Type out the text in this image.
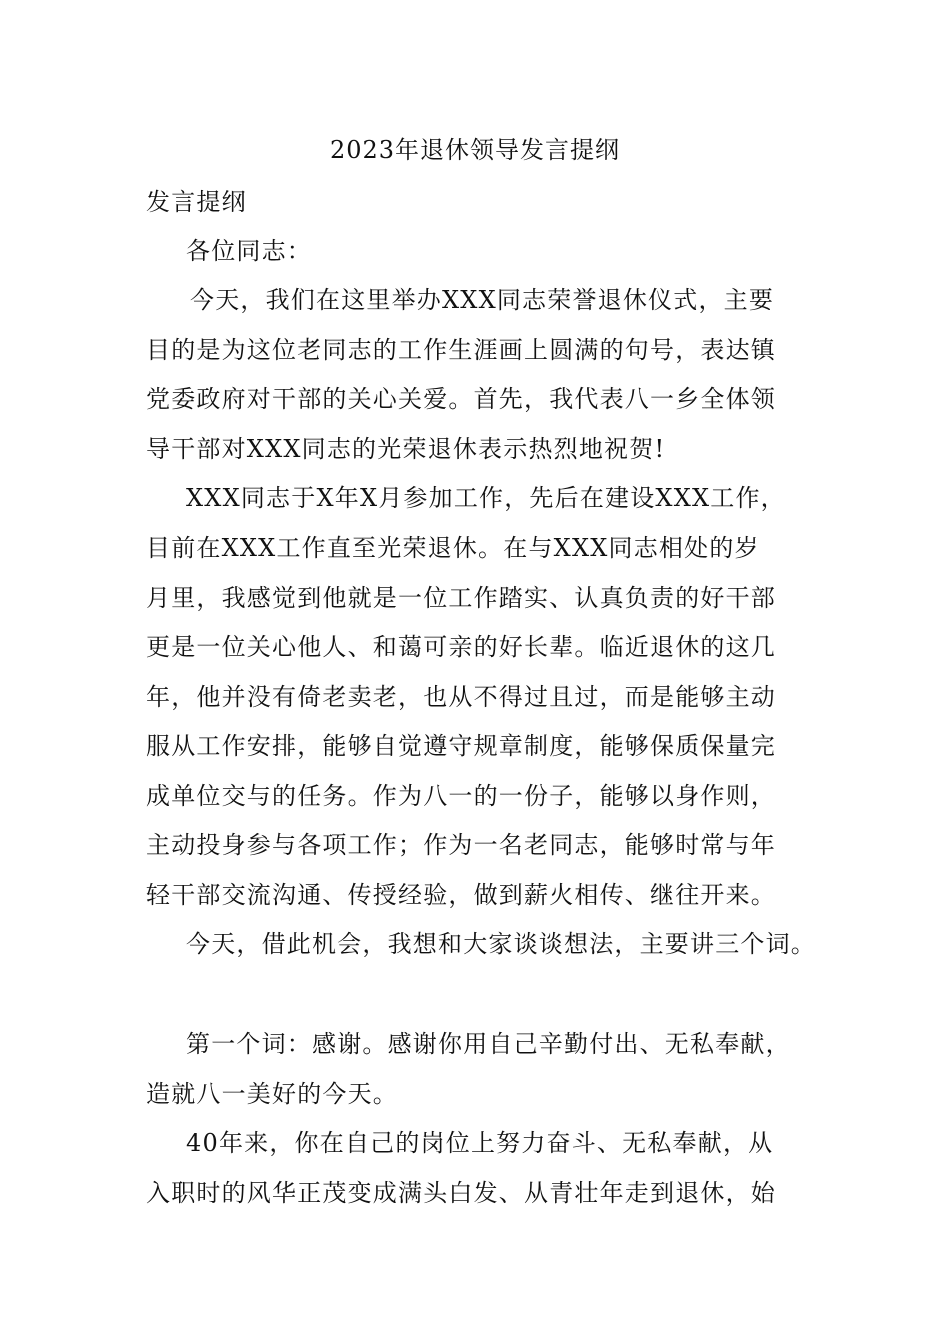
2023年退休领导发言提纲
发言提纲
各位同志：
今天，我们在这里举办XXX同志荣誉退休仪式，主要
目的是为这位老同志的工作生涯画上圆满的句号，表达镇
党委政府对干部的关心关爱。首先，我代表八一乡全体领
导干部对XXX同志的光荣退休表示热烈地祝贺!
XXX同志于X年X月参加工作，先后在建设XXX工作，
目前在XXX工作直至光荣退休。在与XXX同志相处的岁
月里，我感觉到他就是一位工作踏实、认真负责的好干部
更是一位关心他人、和蔼可亲的好长辈。临近退休的这几
年，他并没有倚老卖老，也从不得过且过，而是能够主动
服从工作安排，能够自觉遵守规章制度，能够保质保量完
成单位交与的任务。作为八一的一份子，能够以身作则，
主动投身参与各项工作；作为一名老同志，能够时常与年
轻干部交流沟通、传授经验，做到薪火相传、继往开来。
今天，借此机会，我想和大家谈谈想法，主要讲三个词。
第一个词：感谢。感谢你用自己辛勤付出、无私奉献，
造就八一美好的今天。
40年来，你在自己的岗位上努力奋斗、无私奉献，从
入职时的风华正茂变成满头白发、从青壮年走到退休，始
